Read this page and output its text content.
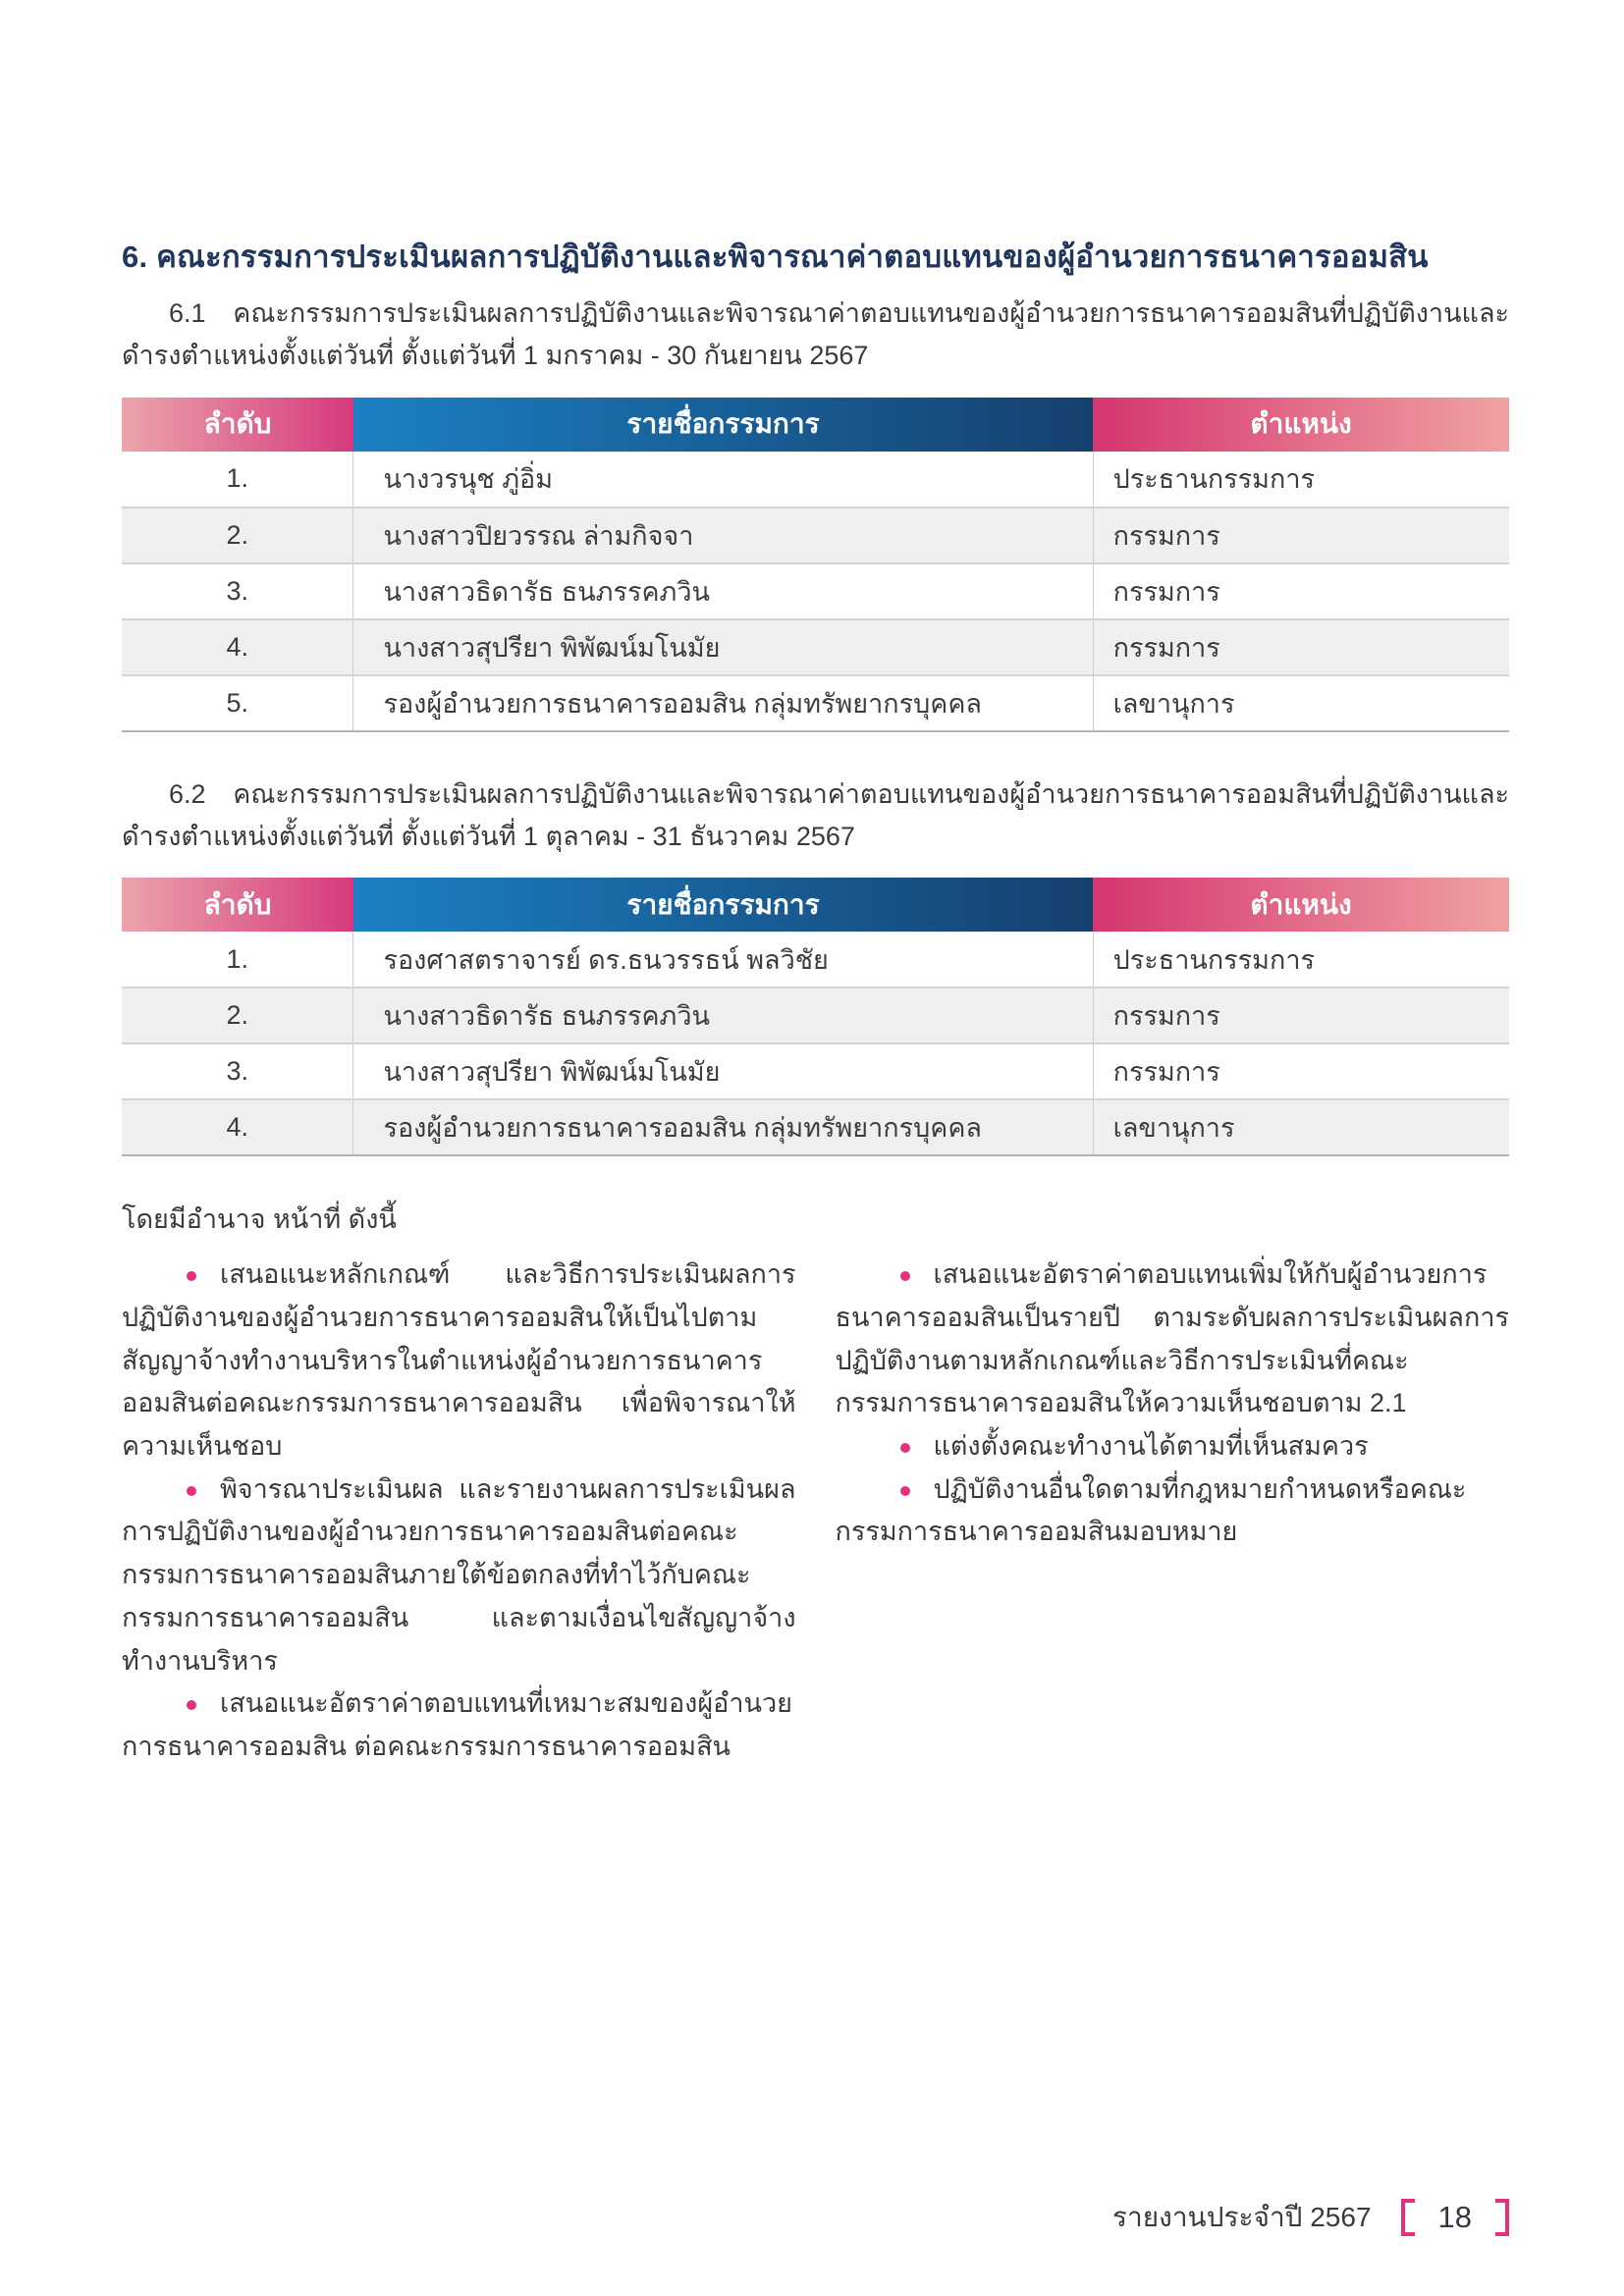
6. คณะกรรมการประเมินผลการปฏิบัติงานและพิจารณาค่าตอบแทนของผู้อำนวยการธนาคารออมสิน

6.1 คณะกรรมการประเมินผลการปฏิบัติงานและพิจารณาค่าตอบแทนของผู้อำนวยการธนาคารออมสินที่ปฏิบัติงานและดำรงตำแหน่งตั้งแต่วันที่ ตั้งแต่วันที่ 1 มกราคม - 30 กันยายน 2567

ลำดับ	รายชื่อกรรมการ	ตำแหน่ง
1.	นางวรนุช ภู่อิ่ม	ประธานกรรมการ
2.	นางสาวปิยวรรณ ล่ามกิจจา	กรรมการ
3.	นางสาวธิดารัธ ธนภรรคภวิน	กรรมการ
4.	นางสาวสุปรียา พิพัฒน์มโนมัย	กรรมการ
5.	รองผู้อำนวยการธนาคารออมสิน กลุ่มทรัพยากรบุคคล	เลขานุการ

6.2 คณะกรรมการประเมินผลการปฏิบัติงานและพิจารณาค่าตอบแทนของผู้อำนวยการธนาคารออมสินที่ปฏิบัติงานและดำรงตำแหน่งตั้งแต่วันที่ ตั้งแต่วันที่ 1 ตุลาคม - 31 ธันวาคม 2567

ลำดับ	รายชื่อกรรมการ	ตำแหน่ง
1.	รองศาสตราจารย์ ดร.ธนวรรธน์ พลวิชัย	ประธานกรรมการ
2.	นางสาวธิดารัธ ธนภรรคภวิน	กรรมการ
3.	นางสาวสุปรียา พิพัฒน์มโนมัย	กรรมการ
4.	รองผู้อำนวยการธนาคารออมสิน กลุ่มทรัพยากรบุคคล	เลขานุการ
โดยมีอำนาจ หน้าที่ ดังนี้

เสนอแนะหลักเกณฑ์ และวิธีการประเมินผลการปฏิบัติงานของผู้อำนวยการธนาคารออมสินให้เป็นไปตามสัญญาจ้างทำงานบริหารในตำแหน่งผู้อำนวยการธนาคารออมสินต่อคณะกรรมการธนาคารออมสิน เพื่อพิจารณาให้ความเห็นชอบ

พิจารณาประเมินผล และรายงานผลการประเมินผลการปฏิบัติงานของผู้อำนวยการธนาคารออมสินต่อคณะกรรมการธนาคารออมสินภายใต้ข้อตกลงที่ทำไว้กับคณะกรรมการธนาคารออมสิน และตามเงื่อนไขสัญญาจ้างทำงานบริหาร

เสนอแนะอัตราค่าตอบแทนที่เหมาะสมของผู้อำนวยการธนาคารออมสิน ต่อคณะกรรมการธนาคารออมสิน

เสนอแนะอัตราค่าตอบแทนเพิ่มให้กับผู้อำนวยการธนาคารออมสินเป็นรายปี ตามระดับผลการประเมินผลการปฏิบัติงานตามหลักเกณฑ์และวิธีการประเมินที่คณะกรรมการธนาคารออมสินให้ความเห็นชอบตาม 2.1

แต่งตั้งคณะทำงานได้ตามที่เห็นสมควร

ปฏิบัติงานอื่นใดตามที่กฎหมายกำหนดหรือคณะกรรมการธนาคารออมสินมอบหมาย

รายงานประจำปี 2567	18
